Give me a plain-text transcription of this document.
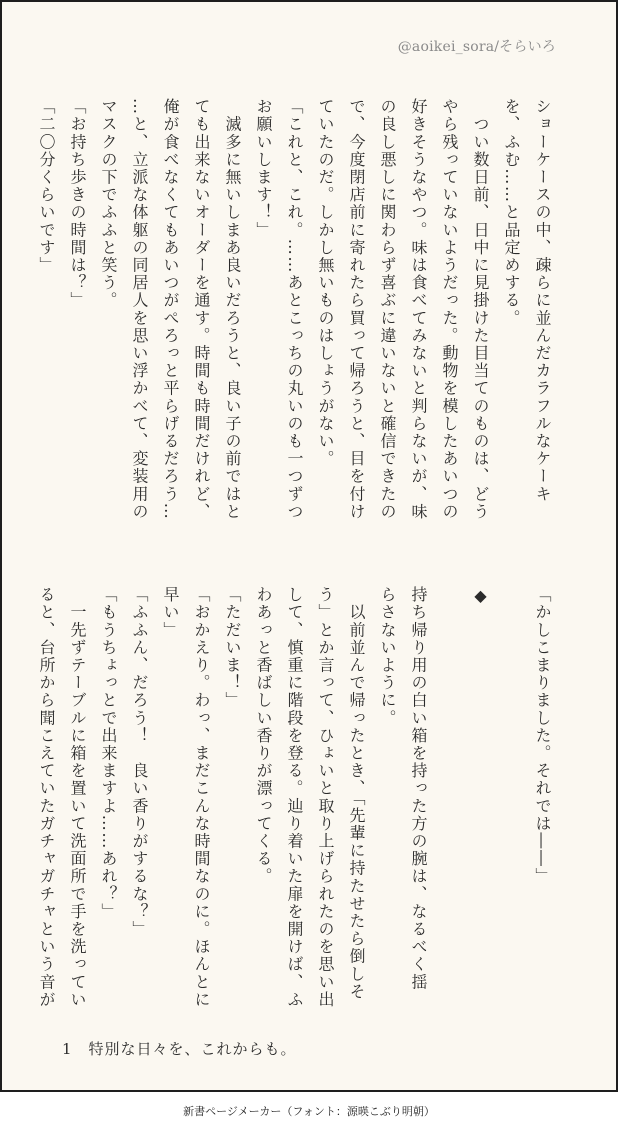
@aoikei_sora/そらいろ

ショーケースの中、疎らに並んだカラフルなケーキ

を、ふむ……と品定めする。

　つい数日前、日中に見掛けた目当てのものは、どう

やら残っていないようだった。動物を模したあいつの

好きそうなやつ。味は食べてみないと判らないが、味

の良し悪しに関わらず喜ぶに違いないと確信できたの

で、今度閉店前に寄れたら買って帰ろうと、目を付け

ていたのだ。しかし無いものはしょうがない。

「これと、これ。……あとこっちの丸いのも一つずつ

お願いします！」

　滅多に無いしまあ良いだろうと、良い子の前ではと

ても出来ないオーダーを通す。時間も時間だけれど、

俺が食べなくてもあいつがぺろっと平らげるだろう…

…と、立派な体躯の同居人を思い浮かべて、変装用の

マスクの下でふふと笑う。

「お持ち歩きの時間は？」

「二〇分くらいです」

「かしこまりました。それでは――」

◆

持ち帰り用の白い箱を持った方の腕は、なるべく揺

らさないように。

　以前並んで帰ったとき、「先輩に持たせたら倒しそ

う」とか言って、ひょいと取り上げられたのを思い出

して、慎重に階段を登る。辿り着いた扉を開けば、ふ

わあっと香ばしい香りが漂ってくる。

「ただいま！」

「おかえり。わっ、まだこんな時間なのに。ほんとに

早い」

「ふふん、だろう！　良い香りがするな？」

「もうちょっとで出来ますよ……あれ？」

　一先ずテーブルに箱を置いて洗面所で手を洗ってい

ると、台所から聞こえていたガチャガチャという音が

1　特別な日々を、これからも。
新書ページメーカー（フォント：源暎こぶり明朝）
